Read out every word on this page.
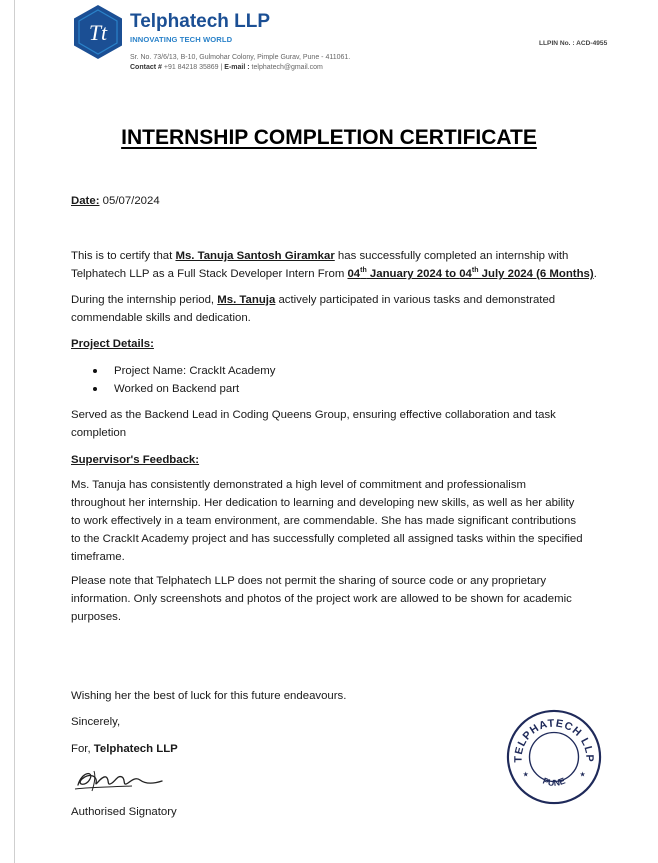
Tt Telphatech LLP
INNOVATING TECH WORLD	LLPIN No. : ACD-4955
Sr. No. 73/6/13, B-10, Gulmohar Colony, Pimple Gurav, Pune - 411061.
Contact # +91 84218 35869 | E-mail : telphatech@gmail.com
INTERNSHIP COMPLETION CERTIFICATE
Date: 05/07/2024
This is to certify that Ms. Tanuja Santosh Giramkar has successfully completed an internship with
Telphatech LLP as a Full Stack Developer Intern From 04th January 2024 to 04th July 2024 (6 Months).
During the internship period, Ms. Tanuja actively participated in various tasks and demonstrated
commendable skills and dedication.
Project Details:
Project Name: CrackIt Academy
Worked on Backend part
Served as the Backend Lead in Coding Queens Group, ensuring effective collaboration and task
completion
Supervisor's Feedback:
Ms. Tanuja has consistently demonstrated a high level of commitment and professionalism
throughout her internship. Her dedication to learning and developing new skills, as well as her ability
to work effectively in a team environment, are commendable. She has made significant contributions
to the CrackIt Academy project and has successfully completed all assigned tasks within the specified
timeframe.
Please note that Telphatech LLP does not permit the sharing of source code or any proprietary
information. Only screenshots and photos of the project work are allowed to be shown for academic
purposes.
Wishing her the best of luck for this future endeavours.
Sincerely,
For, Telphatech LLP
Authorised Signatory
TELPHATECH LLP
PUNE
★	★
